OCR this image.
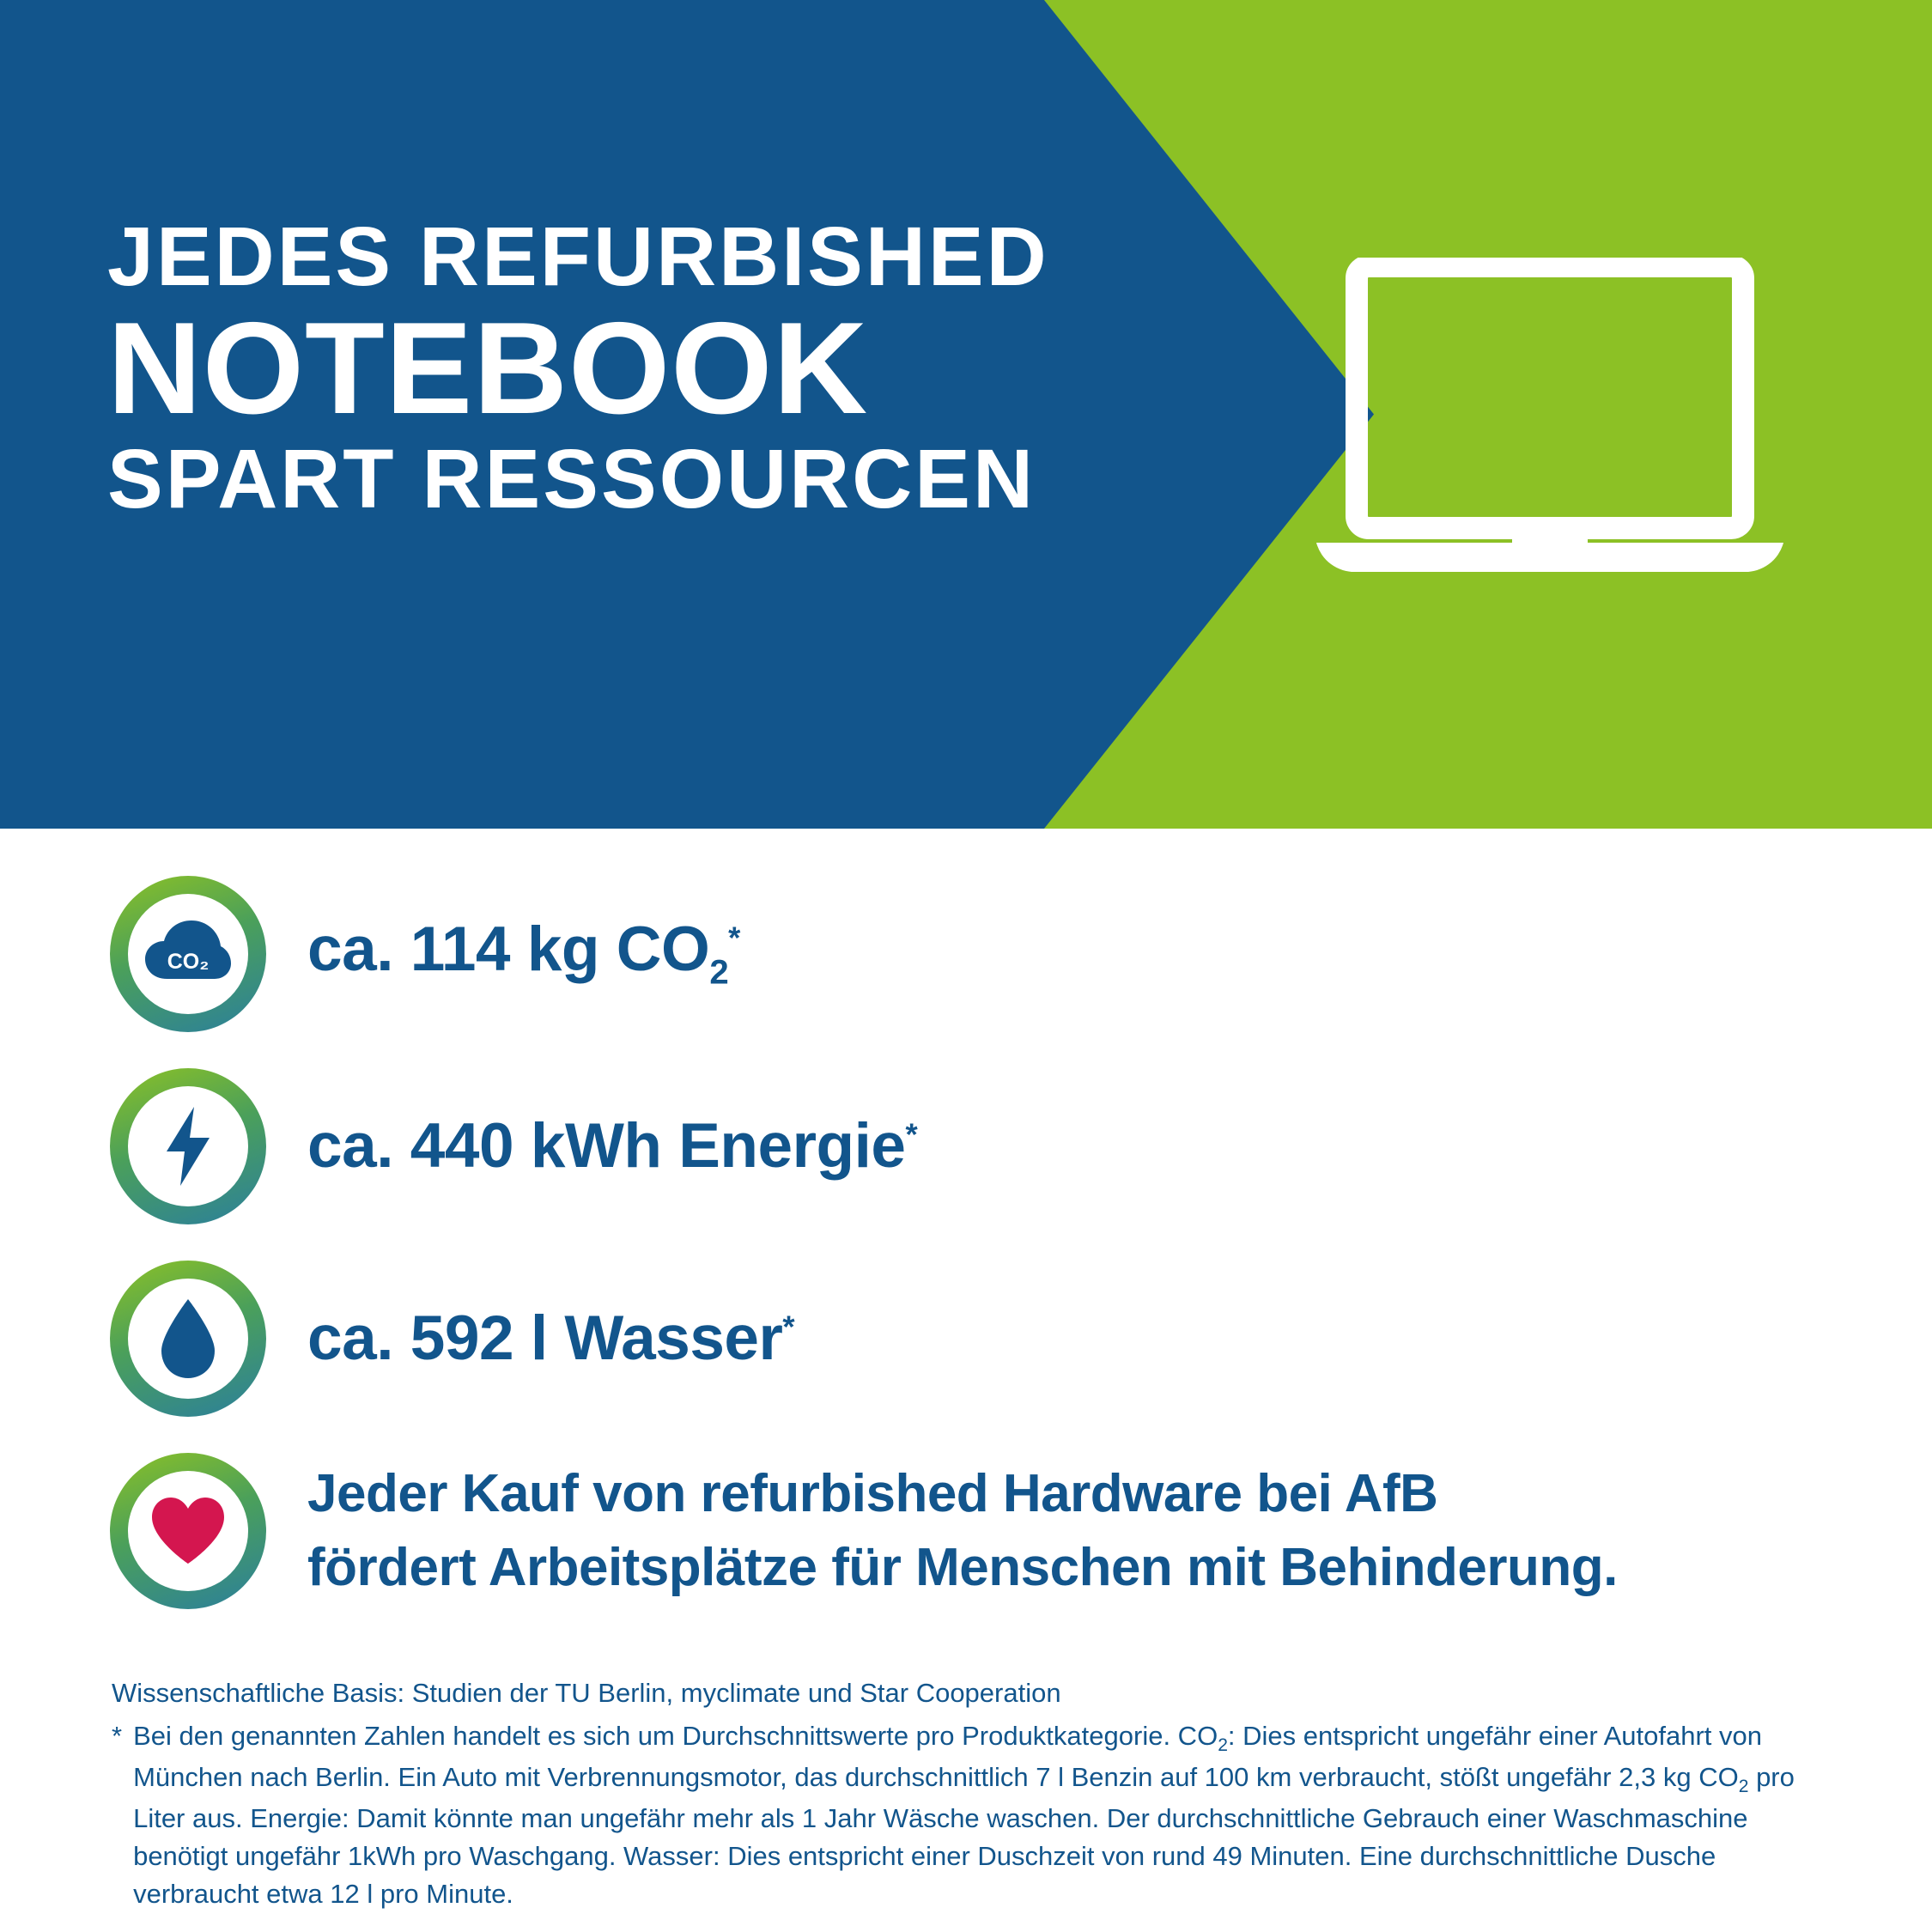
JEDES REFURBISHED
NOTEBOOK
SPART RESSOURCEN
CO₂ ca. 114 kg $CO_2^*$
ca. 440 kWh Energie*
ca. 592 l Wasser*
Jeder Kauf von refurbished Hardware bei AfB
fördert Arbeitsplätze für Menschen mit Behinderung.

Wissenschaftliche Basis: Studien der TU Berlin, myclimate und Star Cooperation

* Bei den genannten Zahlen handelt es sich um Durchschnittswerte pro Produktkategorie. $CO_2$: Dies entspricht ungefähr einer Autofahrt von München nach Berlin. Ein Auto mit Verbrennungsmotor, das durchschnittlich 7 l Benzin auf 100 km verbraucht, stößt ungefähr 2,3 kg $CO_2$ pro Liter aus. Energie: Damit könnte man ungefähr mehr als 1 Jahr Wäsche waschen. Der durchschnittliche Gebrauch einer Waschmaschine benötigt ungefähr 1kWh pro Waschgang. Wasser: Dies entspricht einer Duschzeit von rund 49 Minuten. Eine durchschnittliche Dusche verbraucht etwa 12 l pro Minute.
